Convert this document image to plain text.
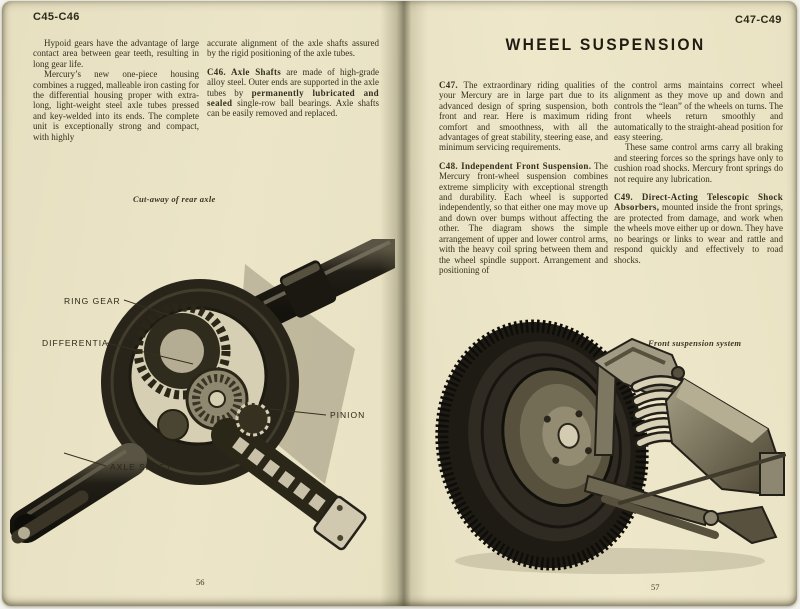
C45-C46

Hypoid gears have the advantage of large contact area between gear teeth, resulting in long gear life.

Mercury’s new one-piece housing combines a rugged, malleable iron casting for the differential housing proper with extra-long, light-weight steel axle tubes pressed and key-welded into its ends. The complete unit is exceptionally strong and compact, with highly

accurate alignment of the axle shafts assured by the rigid positioning of the axle tubes.

C46. Axle Shafts are made of high-grade alloy steel. Outer ends are supported in the axle tubes by permanently lubricated and sealed single-row ball bearings. Axle shafts can be easily removed and replaced.

Cut-away of rear axle
RING GEAR
DIFFERENTIAL
PINION
AXLE SHAFT
56
C47-C49
WHEEL SUSPENSION

C47. The extraordinary riding qualities of your Mercury are in large part due to its advanced design of spring suspension, both front and rear. Here is maximum riding comfort and smoothness, with all the advantages of great stability, steering ease, and minimum servicing requirements.

C48. Independent Front Suspension. The Mercury front-wheel suspension combines extreme simplicity with exceptional strength and durability. Each wheel is supported independently, so that either one may move up and down over bumps without affecting the other. The diagram shows the simple arrangement of upper and lower control arms, with the heavy coil spring between them and the wheel spindle support. Arrangement and positioning of

the control arms maintains correct wheel alignment as they move up and down and controls the “lean” of the wheels on turns. The front wheels return smoothly and automatically to the straight-ahead position for easy steering.

These same control arms carry all braking and steering forces so the springs have only to cushion road shocks. Mercury front springs do not require any lubrication.

C49. Direct-Acting Telescopic Shock Absorbers, mounted inside the front springs, are protected from damage, and work when the wheels move either up or down. They have no bearings or links to wear and rattle and respond quickly and effectively to road shocks.

Front suspension system
57
